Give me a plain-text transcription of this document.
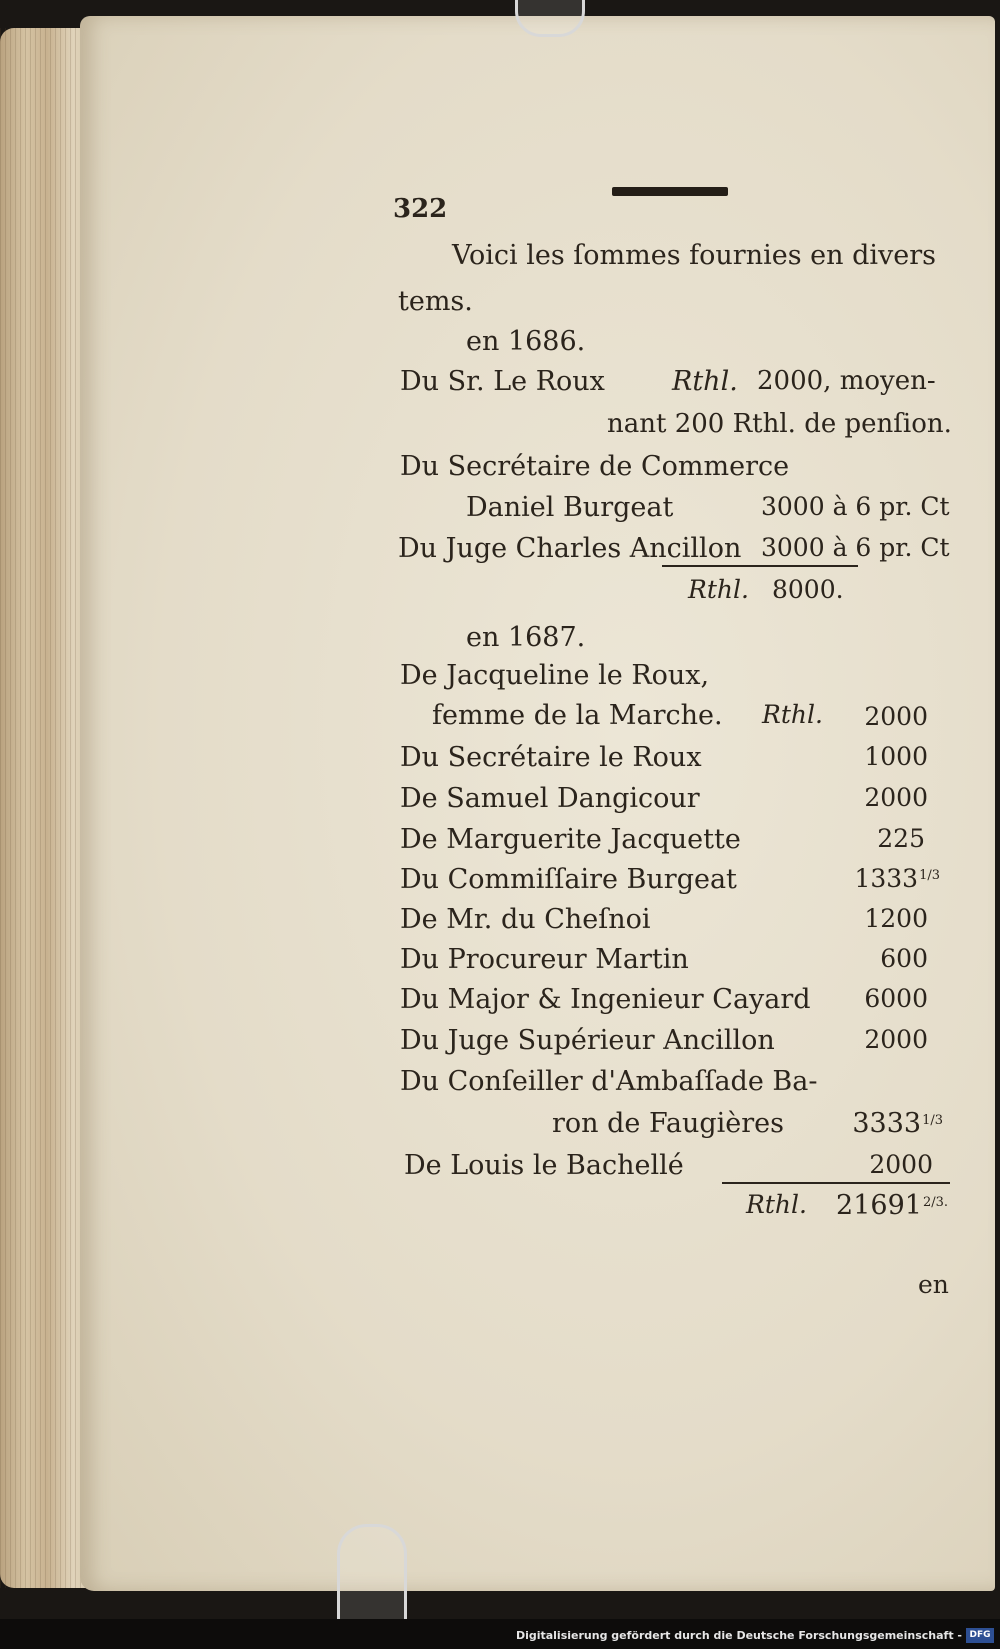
322
Voici les ſommes fournies en divers
tems.
en 1686.
Du Sr. Le Roux Rthl. 2000, moyen-
nant 200 Rthl. de penſion.
Du Secrétaire de Commerce
Daniel Burgeat	3000 à 6 pr. Ct
Du Juge Charles Ancillon 3000 à 6 pr. Ct
Rthl. 8000.
en 1687.
De Jacqueline le Roux,
femme de la Marche. Rthl. 2000
Du Secrétaire le Roux	1000
De Samuel Dangicour	2000
De Marguerite Jacquette	225
Du Commiſſaire Burgeat	$1333^{1/3}$
De Mr. du Cheſnoi	1200
Du Procureur Martin	600
Du Major & Ingenieur Cayard 6000
Du Juge Supérieur Ancillon	2000
Du Conſeiller d'Ambaſſade Ba-
ron de Faugières	$3333^{1/3}$
De Louis le Bachellé	2000
Rthl. $21691^{2/3.}$
en
Digitalisierung gefördert durch die Deutsche Forschungsgemeinschaft - DFG
